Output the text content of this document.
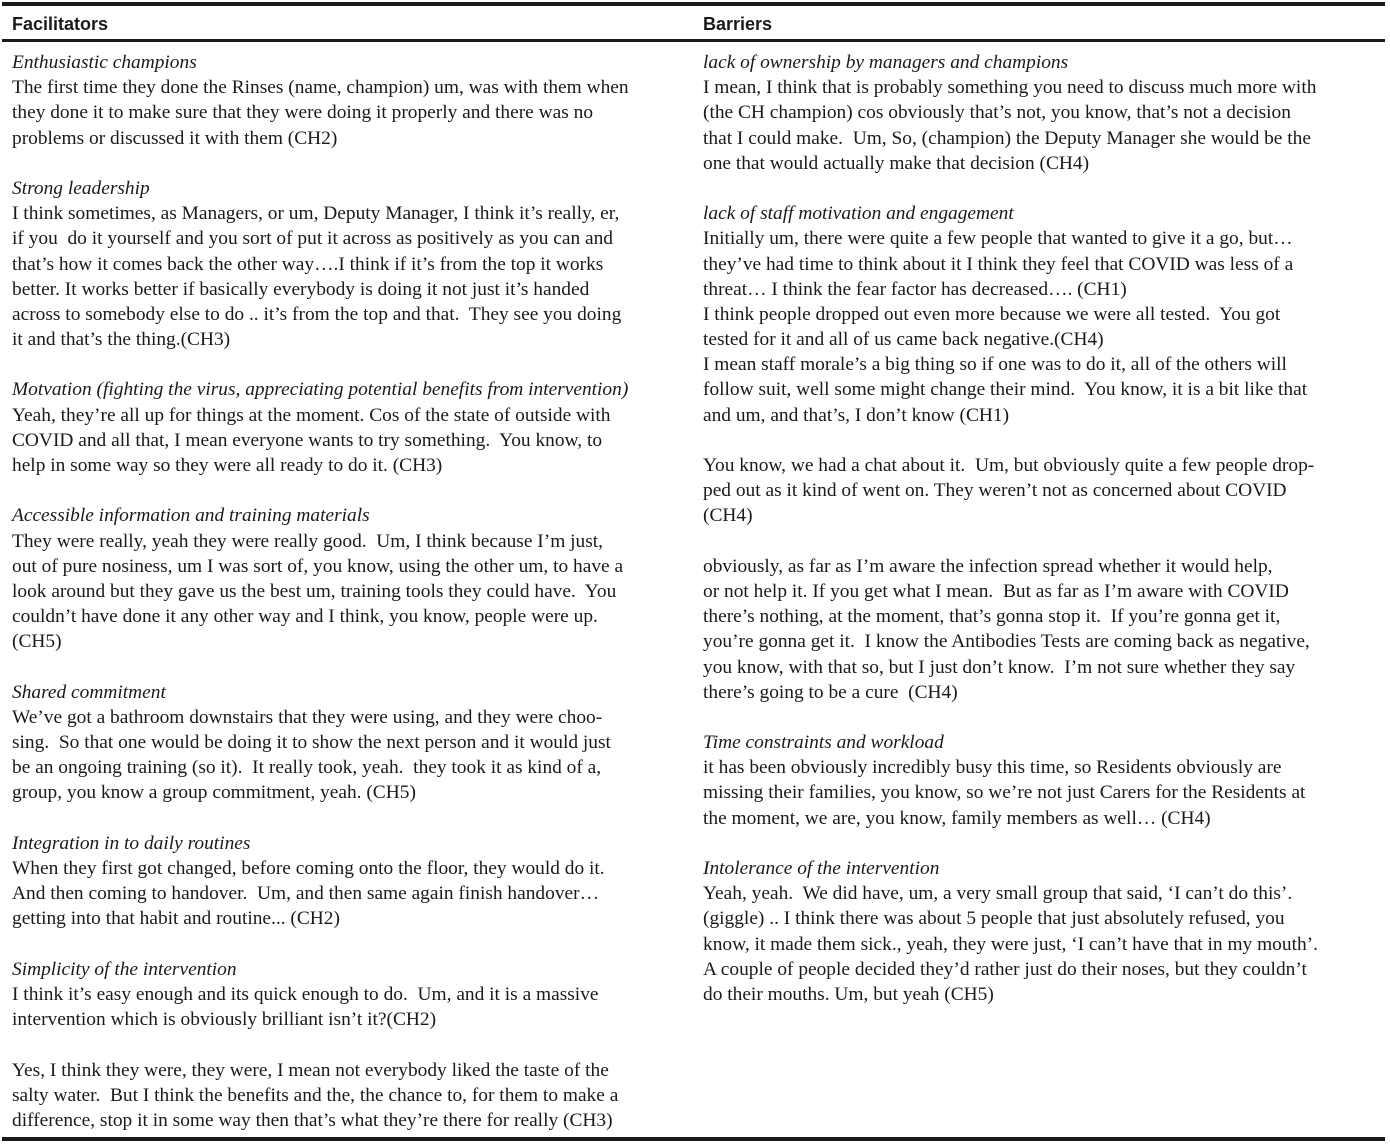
Facilitators	Barriers
Enthusiastic champions
The first time they done the Rinses (name, champion) um, was with them when
they done it to make sure that they were doing it properly and there was no
problems or discussed it with them (CH2)
Strong leadership
I think sometimes, as Managers, or um, Deputy Manager, I think it’s really, er,
if you  do it yourself and you sort of put it across as positively as you can and
that’s how it comes back the other way….I think if it’s from the top it works
better. It works better if basically everybody is doing it not just it’s handed
across to somebody else to do .. it’s from the top and that.  They see you doing
it and that’s the thing.(CH3)
Motvation (fighting the virus, appreciating potential benefits from intervention)
Yeah, they’re all up for things at the moment. Cos of the state of outside with
COVID and all that, I mean everyone wants to try something.  You know, to
help in some way so they were all ready to do it. (CH3)
Accessible information and training materials
They were really, yeah they were really good.  Um, I think because I’m just,
out of pure nosiness, um I was sort of, you know, using the other um, to have a
look around but they gave us the best um, training tools they could have.  You
couldn’t have done it any other way and I think, you know, people were up.
(CH5)
Shared commitment
We’ve got a bathroom downstairs that they were using, and they were choo-
sing.  So that one would be doing it to show the next person and it would just
be an ongoing training (so it).  It really took, yeah.  they took it as kind of a,
group, you know a group commitment, yeah. (CH5)
Integration in to daily routines
When they first got changed, before coming onto the floor, they would do it.
And then coming to handover.  Um, and then same again finish handover…
getting into that habit and routine... (CH2)
Simplicity of the intervention
I think it’s easy enough and its quick enough to do.  Um, and it is a massive
intervention which is obviously brilliant isn’t it?(CH2)
Yes, I think they were, they were, I mean not everybody liked the taste of the
salty water.  But I think the benefits and the, the chance to, for them to make a
difference, stop it in some way then that’s what they’re there for really (CH3)
lack of ownership by managers and champions
I mean, I think that is probably something you need to discuss much more with
(the CH champion) cos obviously that’s not, you know, that’s not a decision
that I could make.  Um, So, (champion) the Deputy Manager she would be the
one that would actually make that decision (CH4)
lack of staff motivation and engagement
Initially um, there were quite a few people that wanted to give it a go, but…
they’ve had time to think about it I think they feel that COVID was less of a
threat… I think the fear factor has decreased…. (CH1)
I think people dropped out even more because we were all tested.  You got
tested for it and all of us came back negative.(CH4)
I mean staff morale’s a big thing so if one was to do it, all of the others will
follow suit, well some might change their mind.  You know, it is a bit like that
and um, and that’s, I don’t know (CH1)
You know, we had a chat about it.  Um, but obviously quite a few people drop-
ped out as it kind of went on. They weren’t not as concerned about COVID
(CH4)
obviously, as far as I’m aware the infection spread whether it would help,
or not help it. If you get what I mean.  But as far as I’m aware with COVID
there’s nothing, at the moment, that’s gonna stop it.  If you’re gonna get it,
you’re gonna get it.  I know the Antibodies Tests are coming back as negative,
you know, with that so, but I just don’t know.  I’m not sure whether they say
there’s going to be a cure  (CH4)
Time constraints and workload
it has been obviously incredibly busy this time, so Residents obviously are
missing their families, you know, so we’re not just Carers for the Residents at
the moment, we are, you know, family members as well… (CH4)
Intolerance of the intervention
Yeah, yeah.  We did have, um, a very small group that said, ‘I can’t do this’.
(giggle) .. I think there was about 5 people that just absolutely refused, you
know, it made them sick., yeah, they were just, ‘I can’t have that in my mouth’.
A couple of people decided they’d rather just do their noses, but they couldn’t
do their mouths. Um, but yeah (CH5)
